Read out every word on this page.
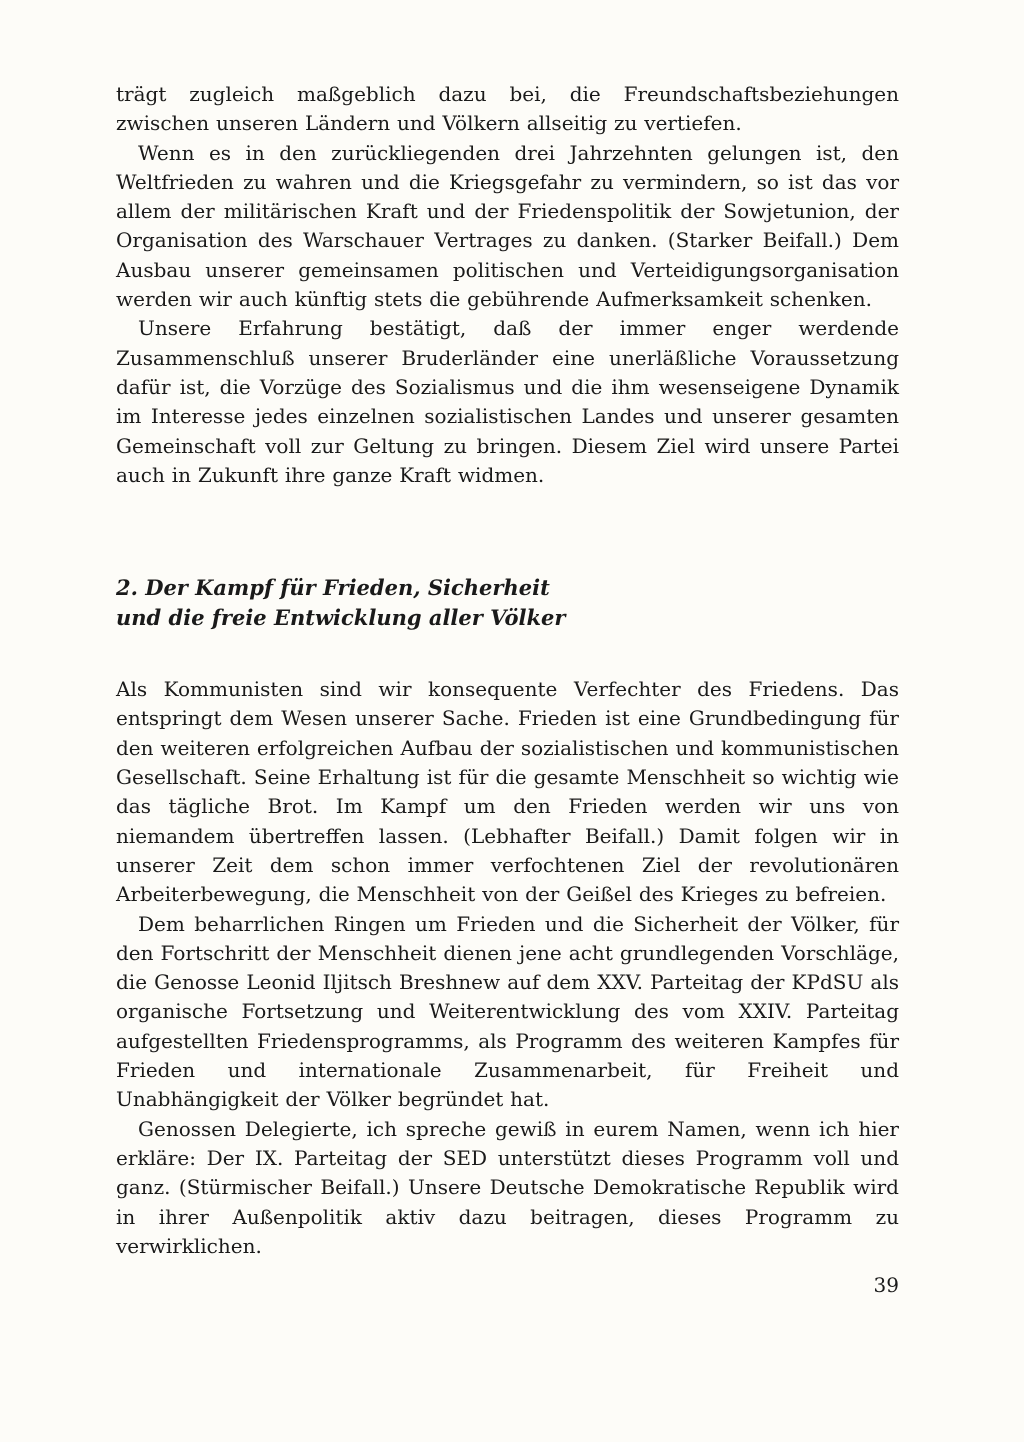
trägt zugleich maßgeblich dazu bei, die Freundschaftsbeziehungen zwischen unseren Ländern und Völkern allseitig zu vertiefen.

Wenn es in den zurückliegenden drei Jahrzehnten gelungen ist, den Weltfrieden zu wahren und die Kriegsgefahr zu vermindern, so ist das vor allem der militärischen Kraft und der Friedenspolitik der Sowjetunion, der Organisation des Warschauer Vertrages zu danken. (Starker Beifall.) Dem Ausbau unserer gemeinsamen politischen und Verteidigungsorganisation werden wir auch künftig stets die gebührende Aufmerksamkeit schenken.

Unsere Erfahrung bestätigt, daß der immer enger werdende Zusammenschluß unserer Bruderländer eine unerläßliche Voraussetzung dafür ist, die Vorzüge des Sozialismus und die ihm wesenseigene Dynamik im Interesse jedes einzelnen sozialistischen Landes und unserer gesamten Gemeinschaft voll zur Geltung zu bringen. Diesem Ziel wird unsere Partei auch in Zukunft ihre ganze Kraft widmen.

2. Der Kampf für Frieden, Sicherheit
und die freie Entwicklung aller Völker

Als Kommunisten sind wir konsequente Verfechter des Friedens. Das entspringt dem Wesen unserer Sache. Frieden ist eine Grundbedingung für den weiteren erfolgreichen Aufbau der sozialistischen und kommunistischen Gesellschaft. Seine Erhaltung ist für die gesamte Menschheit so wichtig wie das tägliche Brot. Im Kampf um den Frieden werden wir uns von niemandem übertreffen lassen. (Lebhafter Beifall.) Damit folgen wir in unserer Zeit dem schon immer verfochtenen Ziel der revolutionären Arbeiterbewegung, die Menschheit von der Geißel des Krieges zu befreien.

Dem beharrlichen Ringen um Frieden und die Sicherheit der Völker, für den Fortschritt der Menschheit dienen jene acht grundlegenden Vorschläge, die Genosse Leonid Iljitsch Breshnew auf dem XXV. Parteitag der KPdSU als organische Fortsetzung und Weiterentwicklung des vom XXIV. Parteitag aufgestellten Friedensprogramms, als Programm des weiteren Kampfes für Frieden und internationale Zusammenarbeit, für Freiheit und Unabhängigkeit der Völker begründet hat.

Genossen Delegierte, ich spreche gewiß in eurem Namen, wenn ich hier erkläre: Der IX. Parteitag der SED unterstützt dieses Programm voll und ganz. (Stürmischer Beifall.) Unsere Deutsche Demokratische Republik wird in ihrer Außenpolitik aktiv dazu beitragen, dieses Programm zu verwirklichen.

39
